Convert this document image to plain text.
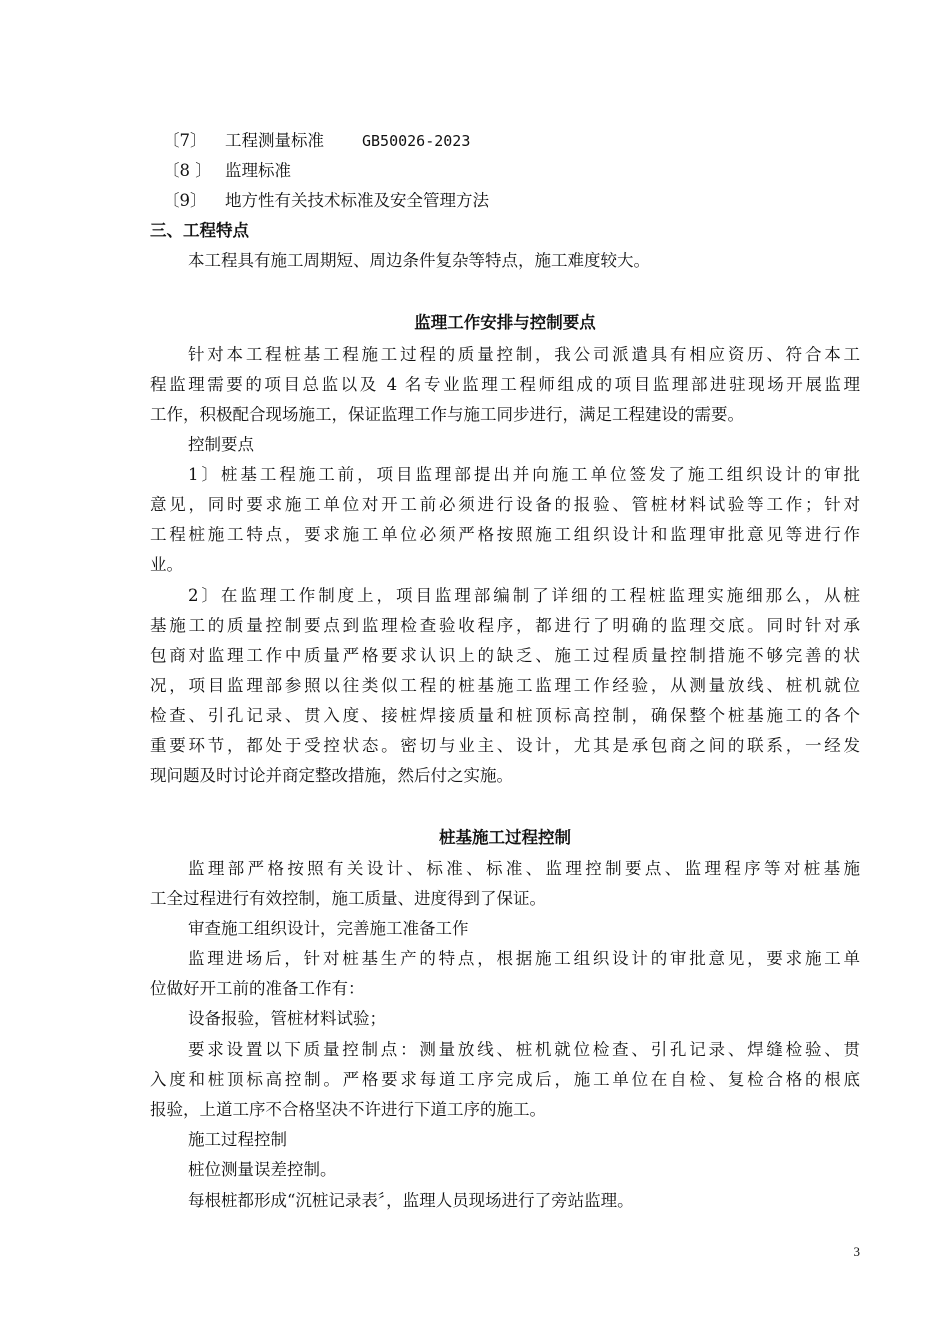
〔7〕 工程测量标准	GB50026-2023
〔8 〕 监理标准
〔9〕 地方性有关技术标准及安全管理方法
三、工程特点
本工程具有施工周期短、周边条件复杂等特点，施工难度较大。
监理工作安排与控制要点
针对本工程桩基工程施工过程的质量控制，我公司派遣具有相应资历、符合本工
程监理需要的项目总监以及 4 名专业监理工程师组成的项目监理部进驻现场开展监理
工作，积极配合现场施工，保证监理工作与施工同步进行，满足工程建设的需要。
控制要点
1〕桩基工程施工前，项目监理部提出并向施工单位签发了施工组织设计的审批
意见，同时要求施工单位对开工前必须进行设备的报验、管桩材料试验等工作；针对
工程桩施工特点，要求施工单位必须严格按照施工组织设计和监理审批意见等进行作
业。
2〕在监理工作制度上，项目监理部编制了详细的工程桩监理实施细那么，从桩
基施工的质量控制要点到监理检查验收程序，都进行了明确的监理交底。同时针对承
包商对监理工作中质量严格要求认识上的缺乏、施工过程质量控制措施不够完善的状
况，项目监理部参照以往类似工程的桩基施工监理工作经验，从测量放线、桩机就位
检查、引孔记录、贯入度、接桩焊接质量和桩顶标高控制，确保整个桩基施工的各个
重要环节，都处于受控状态。密切与业主、设计，尤其是承包商之间的联系，一经发
现问题及时讨论并商定整改措施，然后付之实施。
桩基施工过程控制
监理部严格按照有关设计、标准、标准、监理控制要点、监理程序等对桩基施
工全过程进行有效控制，施工质量、进度得到了保证。
审查施工组织设计，完善施工准备工作
监理进场后，针对桩基生产的特点，根据施工组织设计的审批意见，要求施工单
位做好开工前的准备工作有：
设备报验，管桩材料试验；
要求设置以下质量控制点：测量放线、桩机就位检查、引孔记录、焊缝检验、贯
入度和桩顶标高控制。严格要求每道工序完成后，施工单位在自检、复检合格的根底
报验，上道工序不合格坚决不许进行下道工序的施工。
施工过程控制
桩位测量误差控制。
每根桩都形成“沉桩记录表〞，监理人员现场进行了旁站监理。
3
